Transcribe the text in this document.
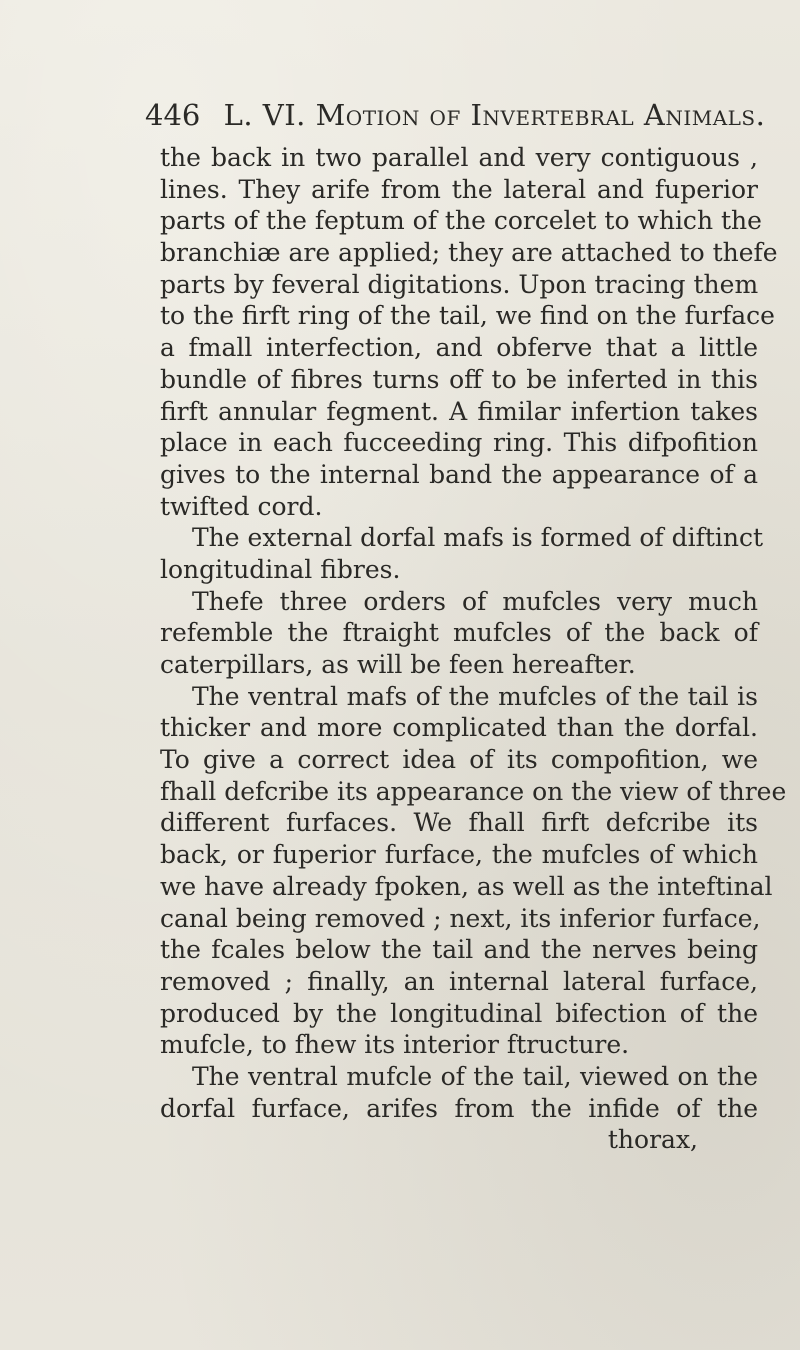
446 L. VI. Motion of Invertebral Animals.
the back in two parallel and very contiguous ,
lines. They arife from the lateral and fuperior
parts of the feptum of the corcelet to which the
branchiæ are applied; they are attached to thefe
parts by feveral digitations. Upon tracing them
to the firft ring of the tail, we find on the furface
a fmall interfection, and obferve that a little
bundle of fibres turns off to be inferted in this
firft annular fegment. A fimilar infertion takes
place in each fucceeding ring. This difpofition
gives to the internal band the appearance of a
twifted cord.
The external dorfal mafs is formed of diftinct
longitudinal fibres.
Thefe three orders of mufcles very much
refemble the ftraight mufcles of the back of
caterpillars, as will be feen hereafter.
The ventral mafs of the mufcles of the tail is
thicker and more complicated than the dorfal.
To give a correct idea of its compofition, we
fhall defcribe its appearance on the view of three
different furfaces. We fhall firft defcribe its
back, or fuperior furface, the mufcles of which
we have already fpoken, as well as the inteftinal
canal being removed ; next, its inferior furface,
the fcales below the tail and the nerves being
removed ; finally, an internal lateral furface,
produced by the longitudinal bifection of the
mufcle, to fhew its interior ftructure.
The ventral mufcle of the tail, viewed on the
dorfal furface, arifes from the infide of the
thorax,
